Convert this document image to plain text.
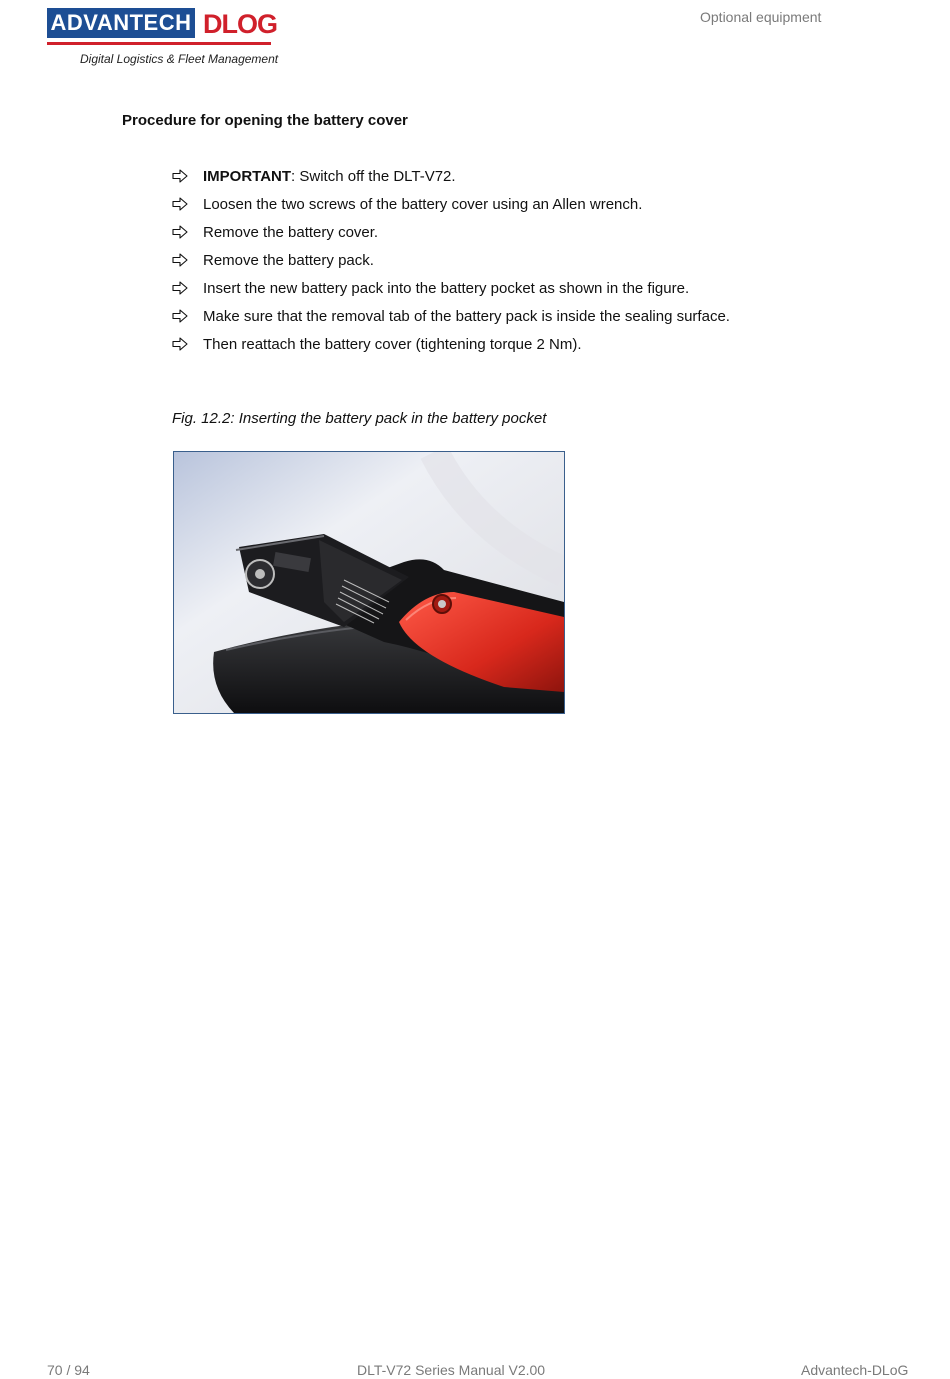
ADVANTECH DLOG
Digital Logistics & Fleet Management
Optional equipment
Procedure for opening the battery cover
IMPORTANT: Switch off the DLT-V72.
Loosen the two screws of the battery cover using an Allen wrench.
Remove the battery cover.
Remove the battery pack.
Insert the new battery pack into the battery pocket as shown in the figure.
Make sure that the removal tab of the battery pack is inside the sealing surface.
Then reattach the battery cover (tightening torque 2 Nm).
Fig. 12.2: Inserting the battery pack in the battery pocket
70 / 94	DLT-V72 Series Manual V2.00	Advantech-DLoG
